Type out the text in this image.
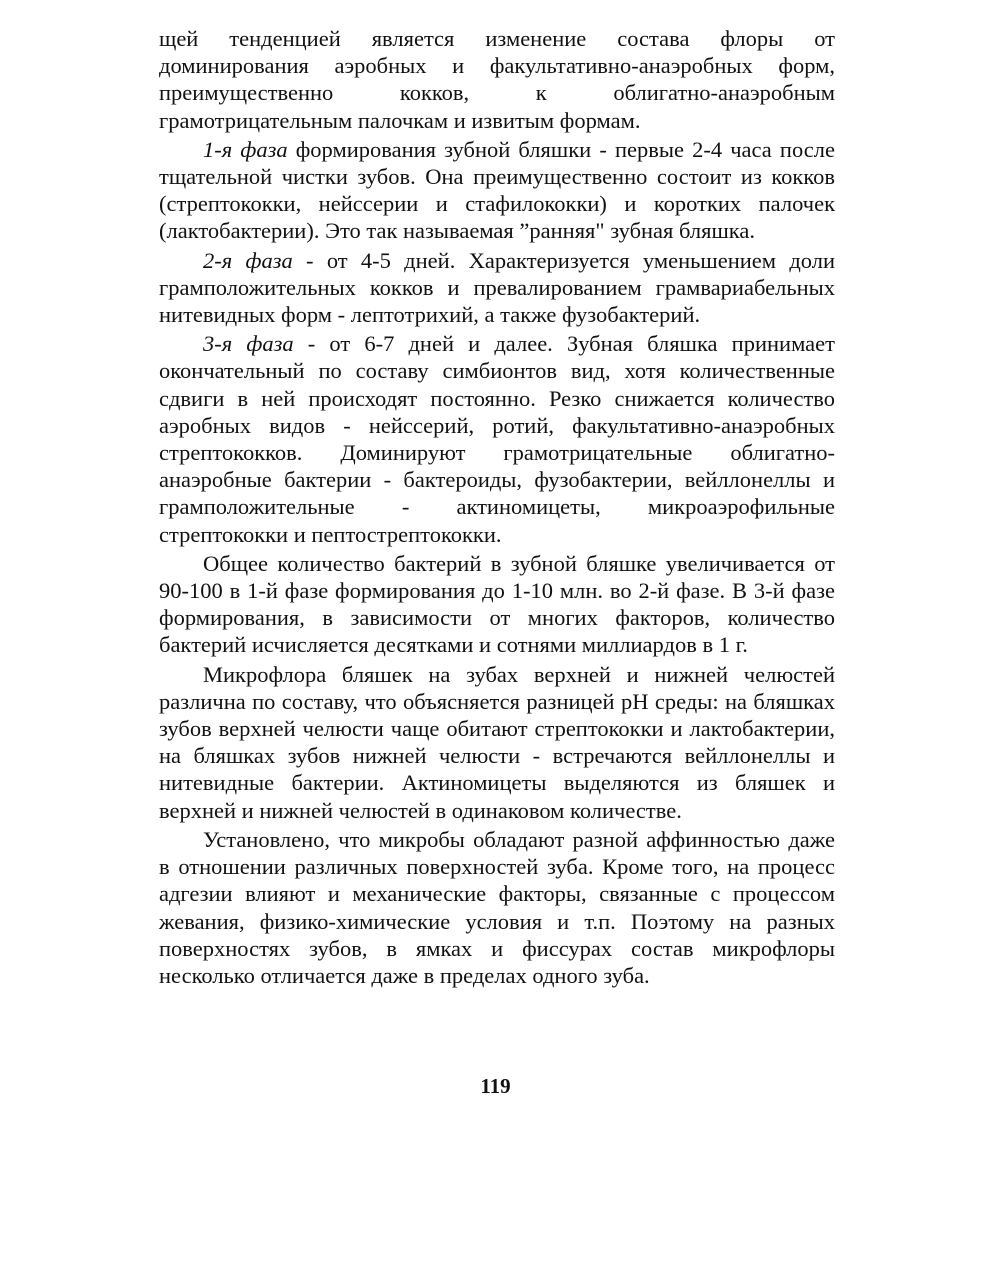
щей тенденцией является изменение состава флоры от доминирования аэробных и факультативно-анаэробных форм, преимущественно кокков, к облигатно-анаэробным грамотрицательным палочкам и извитым формам.

1-я фаза формирования зубной бляшки - первые 2-4 часа после тщательной чистки зубов. Она преимущественно состоит из кокков (стрептококки, нейссерии и стафилококки) и коротких палочек (лактобактерии). Это так называемая ”ранняя" зубная бляшка.

2-я фаза - от 4-5 дней. Характеризуется уменьшением доли грамположительных кокков и превалированием грамвариабельных нитевидных форм - лептотрихий, а также фузобактерий.

3-я фаза - от 6-7 дней и далее. Зубная бляшка принимает окончательный по составу симбионтов вид, хотя количественные сдвиги в ней происходят постоянно. Резко снижается количество аэробных видов - нейссерий, ротий, факультативно-анаэробных стрептококков. Доминируют грамотрицательные облигатно-анаэробные бактерии - бактероиды, фузобактерии, вейллонеллы и грамположительные - актиномицеты, микроаэрофильные стрептококки и пептострептококки.

Общее количество бактерий в зубной бляшке увеличивается от 90-100 в 1-й фазе формирования до 1-10 млн. во 2-й фазе. В 3-й фазе формирования, в зависимости от многих факторов, количество бактерий исчисляется десятками и сотнями миллиардов в 1 г.

Микрофлора бляшек на зубах верхней и нижней челюстей различна по составу, что объясняется разницей pH среды: на бляшках зубов верхней челюсти чаще обитают стрептококки и лактобактерии, на бляшках зубов нижней челюсти - встречаются вейллонеллы и нитевидные бактерии. Актиномицеты выделяются из бляшек и верхней и нижней челюстей в одинаковом количестве.

Установлено, что микробы обладают разной аффинностью даже в отношении различных поверхностей зуба. Кроме того, на процесс адгезии влияют и механические факторы, связанные с процессом жевания, физико-химические условия и т.п. Поэтому на разных поверхностях зубов, в ямках и фиссурах состав микрофлоры несколько отличается даже в пределах одного зуба.

119
